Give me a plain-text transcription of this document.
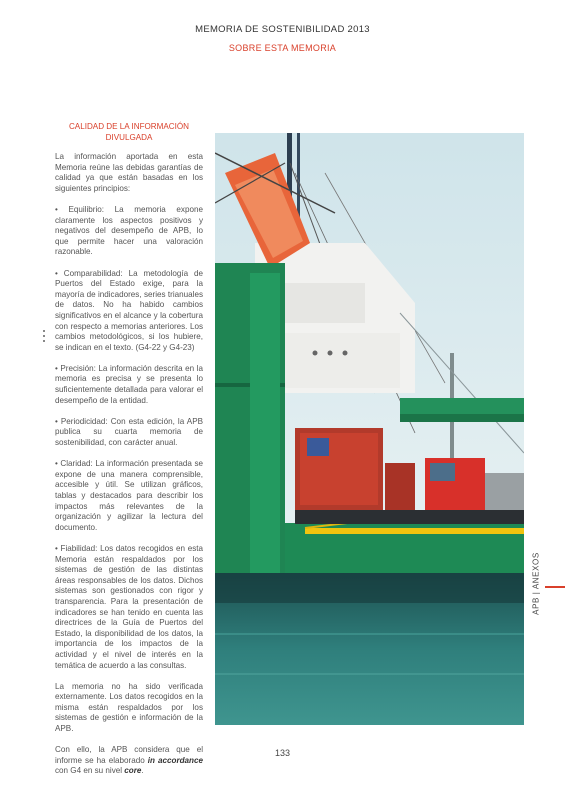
MEMORIA DE SOSTENIBILIDAD 2013
SOBRE ESTA MEMORIA
CALIDAD DE LA INFORMACIÓN
DIVULGADA

La información aportada en esta Memoria reúne las debidas garantías de calidad ya que están basadas en los siguientes principios:

• Equilibrio: La memoria expone claramente los aspectos positivos y negativos del desempeño de APB, lo que permite hacer una valoración razonable.

• Comparabilidad: La metodología de Puertos del Estado exige, para la mayoría de indicadores, series trianuales de datos. No ha habido cambios significativos en el alcance y la cobertura con respecto a memorias anteriores. Los cambios metodológicos, si los hubiere, se indican en el texto. (G4-22 y G4-23)

• Precisión: La información descrita en la memoria es precisa y se presenta lo suficientemente detallada para valorar el desempeño de la entidad.

• Periodicidad: Con esta edición, la APB publica su cuarta memoria de sostenibilidad, con carácter anual.

• Claridad: La información presentada se expone de una manera comprensible, accesible y útil. Se utilizan gráficos, tablas y destacados para describir los impactos más relevantes de la organización y agilizar la lectura del documento.

• Fiabilidad: Los datos recogidos en esta Memoria están respaldados por los sistemas de gestión de las distintas áreas responsables de los datos. Dichos sistemas son gestionados con rigor y transparencia. Para la presentación de indicadores se han tenido en cuenta las directrices de la Guía de Puertos del Estado, la disponibilidad de los datos, la importancia de los impactos de la actividad y el nivel de interés en la temática de acuerdo a las consultas.

La memoria no ha sido verificada externamente. Los datos recogidos en la misma están respaldados por los sistemas de gestión e información de la APB.

Con ello, la APB considera que el informe se ha elaborado in accordance con G4 en su nivel core.

APB | ANEXOS
133
